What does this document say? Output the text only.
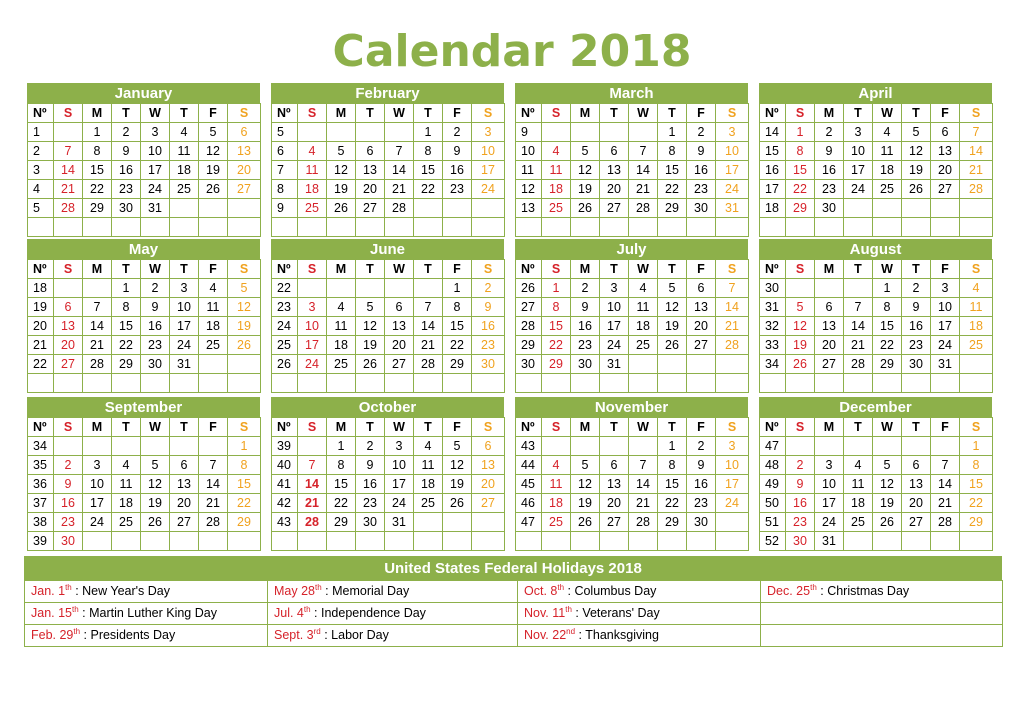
Calendar 2018
January
Nº	S	M	T	W	T	F	S
1		1	2	3	4	5	6
2	7	8	9	10	11	12	13
3	14	15	16	17	18	19	20
4	21	22	23	24	25	26	27
5	28	29	30	31			

February
Nº	S	M	T	W	T	F	S
5					1	2	3
6	4	5	6	7	8	9	10
7	11	12	13	14	15	16	17
8	18	19	20	21	22	23	24
9	25	26	27	28			

March
Nº	S	M	T	W	T	F	S
9					1	2	3
10	4	5	6	7	8	9	10
11	11	12	13	14	15	16	17
12	18	19	20	21	22	23	24
13	25	26	27	28	29	30	31

April
Nº	S	M	T	W	T	F	S
14	1	2	3	4	5	6	7
15	8	9	10	11	12	13	14
16	15	16	17	18	19	20	21
17	22	23	24	25	26	27	28
18	29	30					

May
Nº	S	M	T	W	T	F	S
18			1	2	3	4	5
19	6	7	8	9	10	11	12
20	13	14	15	16	17	18	19
21	20	21	22	23	24	25	26
22	27	28	29	30	31		

June
Nº	S	M	T	W	T	F	S
22						1	2
23	3	4	5	6	7	8	9
24	10	11	12	13	14	15	16
25	17	18	19	20	21	22	23
26	24	25	26	27	28	29	30

July
Nº	S	M	T	W	T	F	S
26	1	2	3	4	5	6	7
27	8	9	10	11	12	13	14
28	15	16	17	18	19	20	21
29	22	23	24	25	26	27	28
30	29	30	31				

August
Nº	S	M	T	W	T	F	S
30				1	2	3	4
31	5	6	7	8	9	10	11
32	12	13	14	15	16	17	18
33	19	20	21	22	23	24	25
34	26	27	28	29	30	31	

September
Nº	S	M	T	W	T	F	S
34							1
35	2	3	4	5	6	7	8
36	9	10	11	12	13	14	15
37	16	17	18	19	20	21	22
38	23	24	25	26	27	28	29
39	30						
October
Nº	S	M	T	W	T	F	S
39		1	2	3	4	5	6
40	7	8	9	10	11	12	13
41	14	15	16	17	18	19	20
42	21	22	23	24	25	26	27
43	28	29	30	31			

November
Nº	S	M	T	W	T	F	S
43					1	2	3
44	4	5	6	7	8	9	10
45	11	12	13	14	15	16	17
46	18	19	20	21	22	23	24
47	25	26	27	28	29	30	

December
Nº	S	M	T	W	T	F	S
47							1
48	2	3	4	5	6	7	8
49	9	10	11	12	13	14	15
50	16	17	18	19	20	21	22
51	23	24	25	26	27	28	29
52	30	31					
United States Federal Holidays 2018
Jan. 1th : New Year's Day	May 28th : Memorial Day	Oct. 8th : Columbus Day	Dec. 25th : Christmas Day
Jan. 15th : Martin Luther King Day	Jul. 4th : Independence Day	Nov. 11th : Veterans' Day	
Feb. 29th : Presidents Day	Sept. 3rd : Labor Day	Nov. 22nd : Thanksgiving	
